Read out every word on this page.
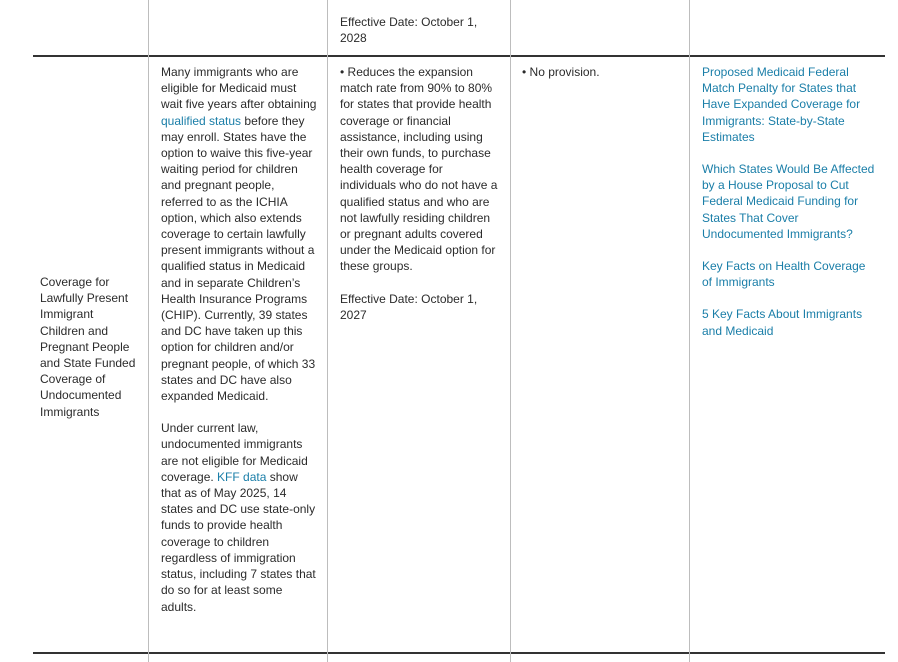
Effective Date: October 1, 2028

Coverage for Lawfully Present Immigrant Children and Pregnant People and State Funded Coverage of Undocumented Immigrants

Many immigrants who are eligible for Medicaid must wait five years after obtaining qualified status before they may enroll. States have the option to waive this five-year waiting period for children and pregnant people, referred to as the ICHIA option, which also extends coverage to certain lawfully present immigrants without a qualified status in Medicaid and in separate Children’s Health Insurance Programs (CHIP). Currently, 39 states and DC have taken up this option for children and/or pregnant people, of which 33 states and DC have also expanded Medicaid.

Under current law, undocumented immigrants are not eligible for Medicaid coverage. KFF data show that as of May 2025, 14 states and DC use state-only funds to provide health coverage to children regardless of immigration status, including 7 states that do so for at least some adults.

• Reduces the expansion match rate from 90% to 80% for states that provide health coverage or financial assistance, including using their own funds, to purchase health coverage for individuals who do not have a qualified status and who are not lawfully residing children or pregnant adults covered under the Medicaid option for these groups.

Effective Date: October 1, 2027

• No provision.	Proposed Medicaid Federal Match Penalty for States that Have Expanded Coverage for Immigrants: State-by-State Estimates

Which States Would Be Affected by a House Proposal to Cut Federal Medicaid Funding for States That Cover Undocumented Immigrants?

Key Facts on Health Coverage of Immigrants

5 Key Facts About Immigrants and Medicaid
